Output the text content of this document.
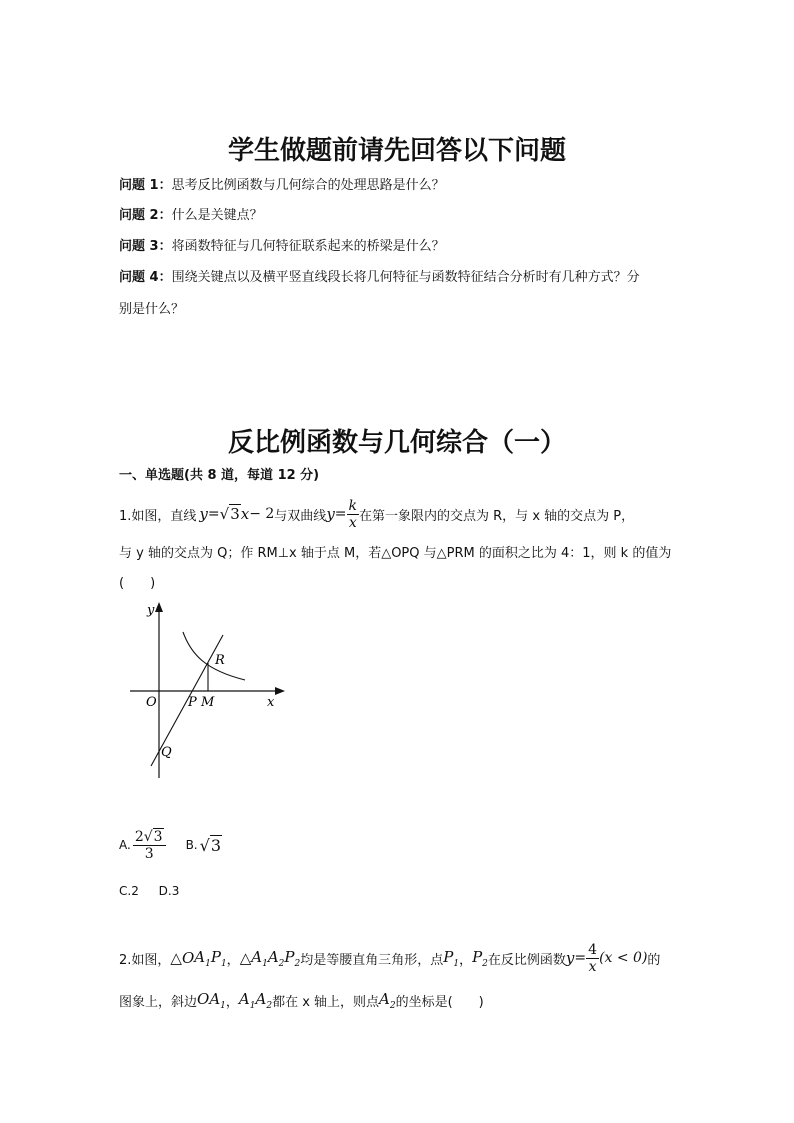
学生做题前请先回答以下问题
问题 1：思考反比例函数与几何综合的处理思路是什么？
问题 2：什么是关键点？
问题 3：将函数特征与几何特征联系起来的桥梁是什么？
问题 4：围绕关键点以及横平竖直线段长将几何特征与函数特征结合分析时有几种方式？分
别是什么？
反比例函数与几何综合（一）
一、单选题(共 8 道，每道 12 分)
1.如图，直线 y = √3 x − 2 与双曲线 $y = \frac{k}{x}$ 在第一象限内的交点为 R，与 x 轴的交点为 P，
与 y 轴的交点为 Q；作 RM⊥x 轴于点 M，若△OPQ 与△PRM 的面积之比为 4：1，则 k 的值为
(　　)
y
x
O P M
R
Q
A. $\frac{2√3}{3} B$. √3
C.2 D.3
2.如图， △ O $A_1$ $P_1$ ， △ $A_1$ $A_2$ $P_2$ 均是等腰直角三角形，点 $P_1$ ， $P_2$ 在反比例函数 $y = \frac{4}{x} (x < 0)$ 的
图象上，斜边 $OA_1$ ， $A_1A_2$ 都在 x 轴上，则点 $A_2$ 的坐标是(　　)
